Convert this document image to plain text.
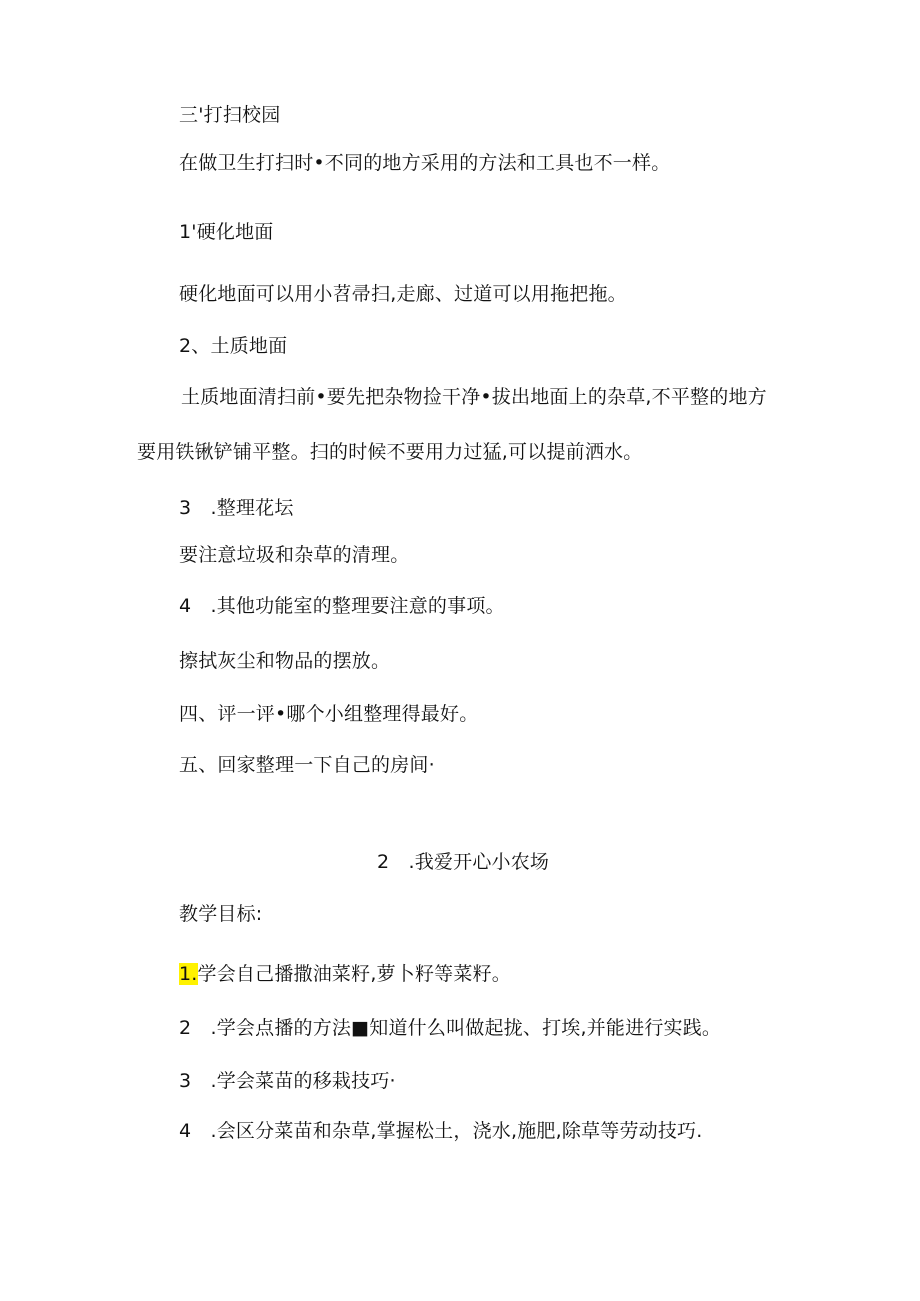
三'打扫校园
在做卫生打扫时•不同的地方采用的方法和工具也不一样。
1'硬化地面
硬化地面可以用小苕帚扫,走廊、过道可以用拖把拖。
2、土质地面
土质地面清扫前•要先把杂物捡干净•拔出地面上的杂草,不平整的地方
要用铁锹铲铺平整。扫的时候不要用力过猛,可以提前洒水。
3　.整理花坛
要注意垃圾和杂草的清理。
4　.其他功能室的整理要注意的事项。
擦拭灰尘和物品的摆放。
四、评一评•哪个小组整理得最好。
五、回家整理一下自己的房间·
2　.我爱开心小农场
教学目标:
1.学会自己播撒油菜籽,萝卜籽等菜籽。
2　.学会点播的方法■知道什么叫做起拢、打埃,并能进行实践。
3　.学会菜苗的移栽技巧·
4　.会区分菜苗和杂草,掌握松土，浇水,施肥,除草等劳动技巧.
